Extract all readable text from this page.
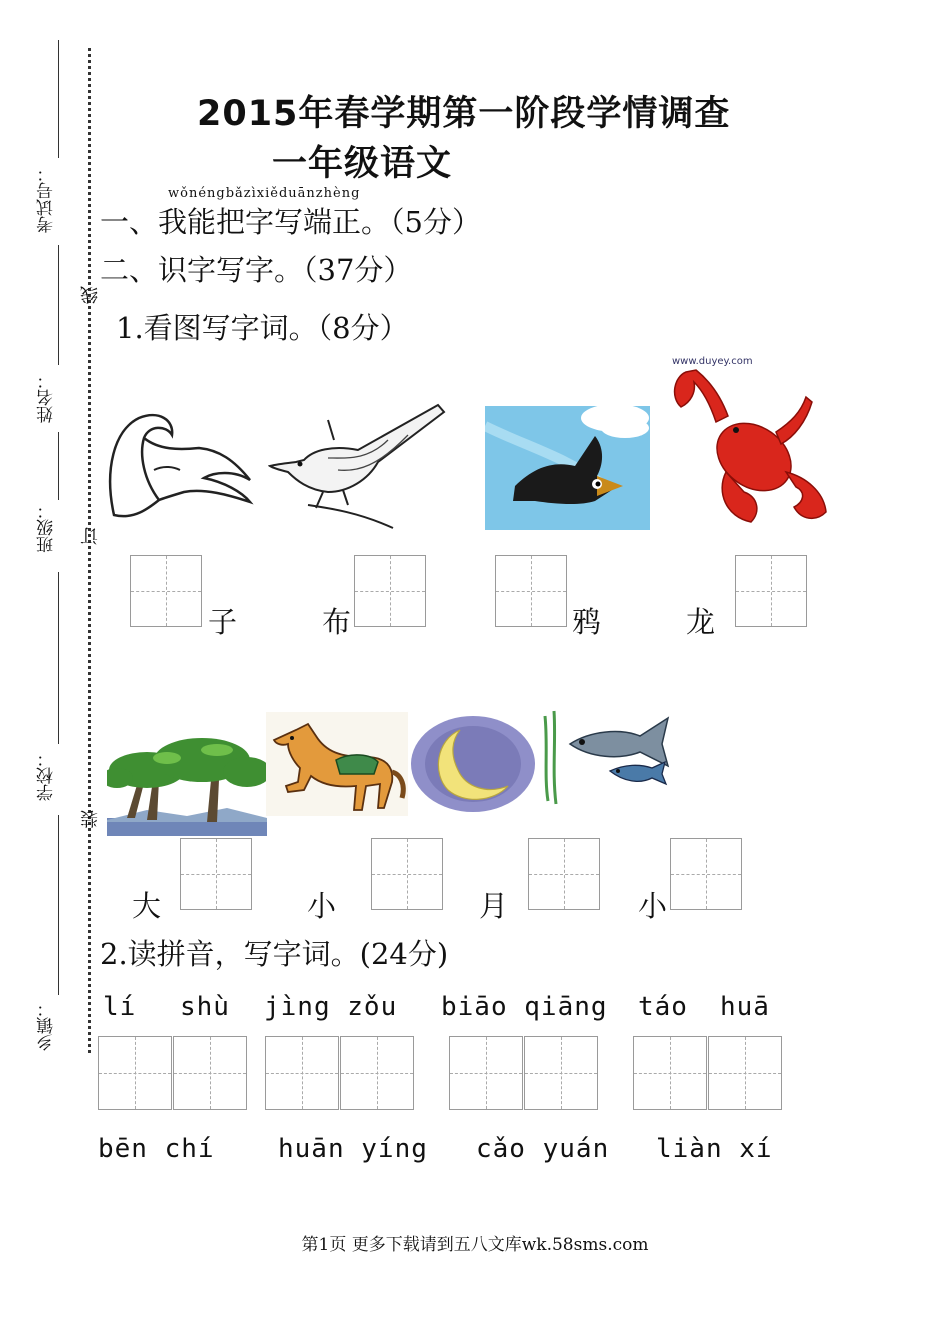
考试号：
姓名：
班级：
学校：
乡镇：
线
订
装
2015年春学期第一阶段学情调查
一年级语文
wǒnéngbǎzìxiěduānzhèng
一、我能把字写端正。（5分）
二、识字写字。（37分）
1.看图写字词。（8分）
www.duyey.com
子	布	鸦	龙
大	小	月	小
2.读拼音，写字词。(24分)
lí shù jìng zǒu biāo qiāng táo huā
bēn chí huān yíng cǎo yuán liàn xí
第1页 更多下载请到五八文库wk.58sms.com
